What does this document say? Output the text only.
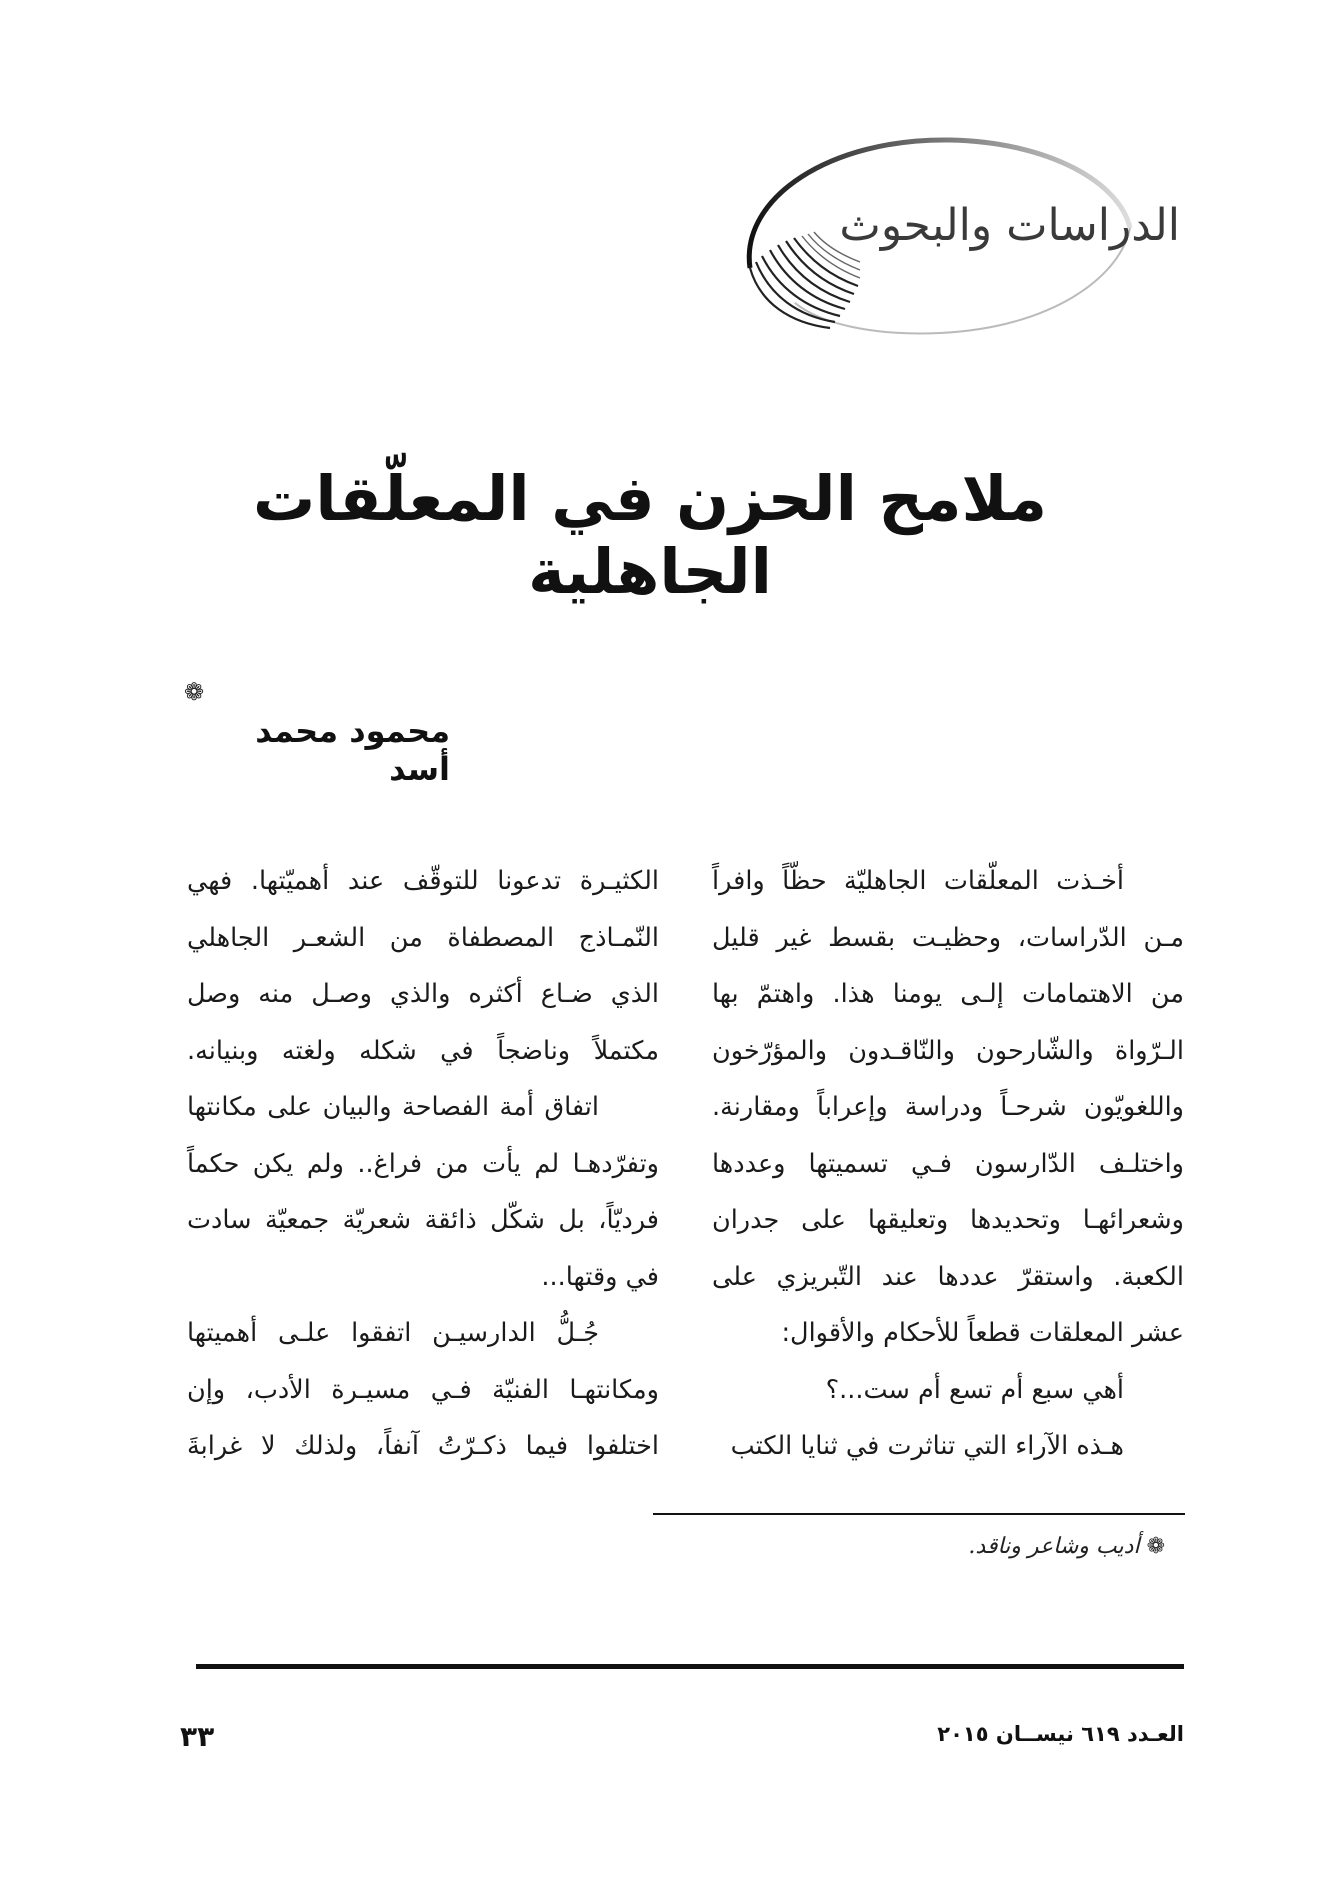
الدراسات والبحوث
ملامح الحزن في المعلّقات الجاهلية
❁
محمود محمد أسد

أخـذت المعلّقات الجاهليّة حظّاً وافراً

مـن الدّراسات، وحظيـت بقسط غير قليل

من الاهتمامات إلـى يومنا هذا. واهتمّ بها

الـرّواة والشّارحون والنّاقـدون والمؤرّخون

واللغويّون شرحـاً ودراسة وإعراباً ومقارنة.

واختلـف الدّارسون فـي تسميتها وعددها

وشعرائهـا وتحديدها وتعليقها على جدران

الكعبة. واستقرّ عددها عند التّبريزي على

عشر المعلقات قطعاً للأحكام والأقوال:

أهي سبع أم تسع أم ست...؟

هـذه الآراء التي تناثرت في ثنايا الكتب

الكثيـرة تدعونا للتوقّف عند أهميّتها. فهي

النّمـاذج المصطفاة من الشعـر الجاهلي

الذي ضـاع أكثره والذي وصـل منه وصل

مكتملاً وناضجاً في شكله ولغته وبنيانه.

اتفاق أمة الفصاحة والبيان على مكانتها

وتفرّدهـا لم يأت من فراغ.. ولم يكن حكماً

فرديّاً، بل شكّل ذائقة شعريّة جمعيّة سادت

في وقتها...

جُـلُّ الدارسيـن اتفقوا علـى أهميتها

ومكانتهـا الفنيّة فـي مسيـرة الأدب، وإن

اختلفوا فيما ذكـرّتُ آنفاً، ولذلك لا غرابةَ

❁ أديب وشاعر وناقد.
٣٣	العـدد ٦١٩ نيســان ٢٠١٥
